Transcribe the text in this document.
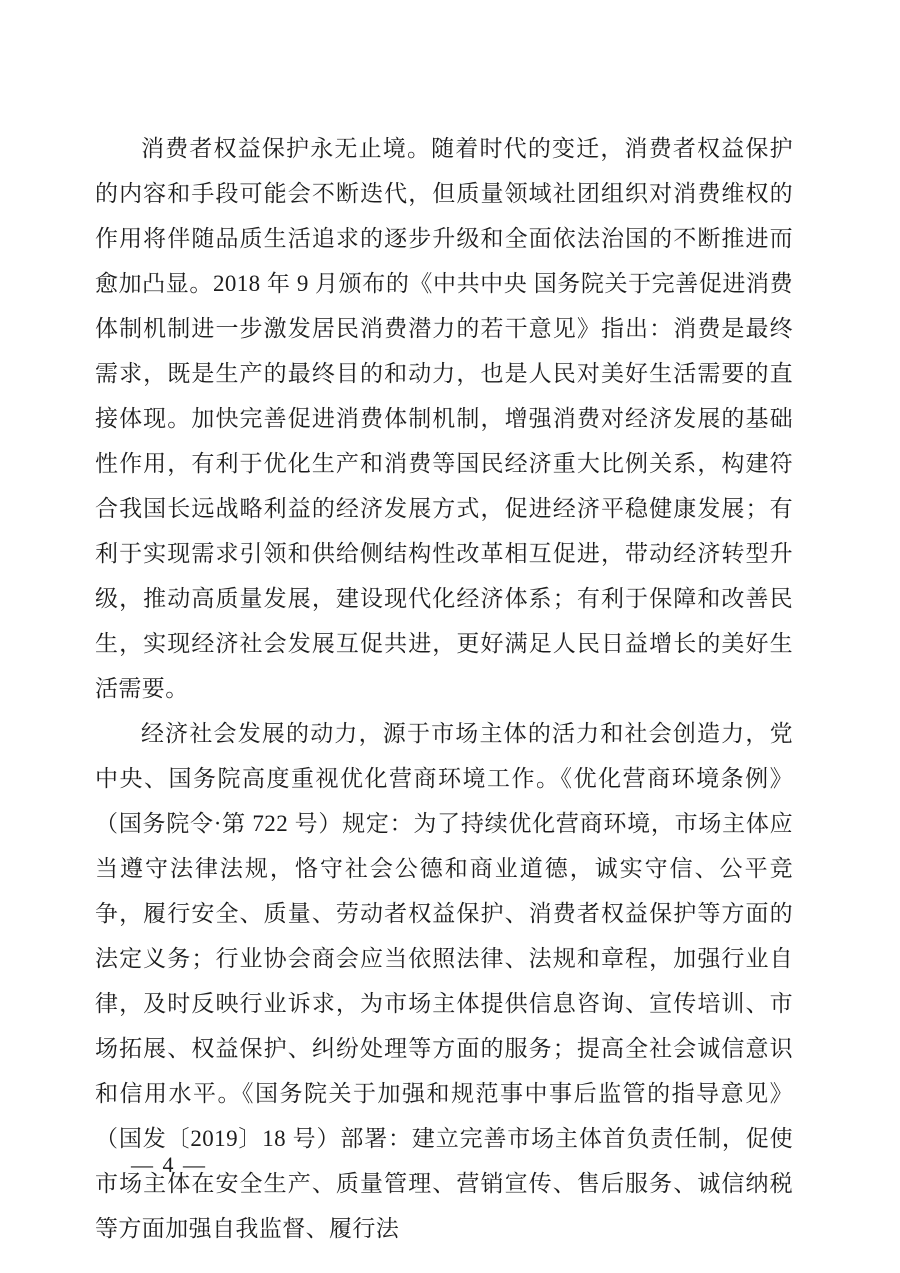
消费者权益保护永无止境。随着时代的变迁，消费者权益保护的内容和手段可能会不断迭代，但质量领域社团组织对消费维权的作用将伴随品质生活追求的逐步升级和全面依法治国的不断推进而愈加凸显。2018 年 9 月颁布的《中共中央 国务院关于完善促进消费体制机制进一步激发居民消费潜力的若干意见》指出：消费是最终需求，既是生产的最终目的和动力，也是人民对美好生活需要的直接体现。加快完善促进消费体制机制，增强消费对经济发展的基础性作用，有利于优化生产和消费等国民经济重大比例关系，构建符合我国长远战略利益的经济发展方式，促进经济平稳健康发展；有利于实现需求引领和供给侧结构性改革相互促进，带动经济转型升级，推动高质量发展，建设现代化经济体系；有利于保障和改善民生，实现经济社会发展互促共进，更好满足人民日益增长的美好生活需要。

经济社会发展的动力，源于市场主体的活力和社会创造力，党中央、国务院高度重视优化营商环境工作。《优化营商环境条例》（国务院令·第 722 号）规定：为了持续优化营商环境，市场主体应当遵守法律法规，恪守社会公德和商业道德，诚实守信、公平竞争，履行安全、质量、劳动者权益保护、消费者权益保护等方面的法定义务；行业协会商会应当依照法律、法规和章程，加强行业自律，及时反映行业诉求，为市场主体提供信息咨询、宣传培训、市场拓展、权益保护、纠纷处理等方面的服务；提高全社会诚信意识和信用水平。《国务院关于加强和规范事中事后监管的指导意见》（国发〔2019〕18 号）部署：建立完善市场主体首负责任制，促使市场主体在安全生产、质量管理、营销宣传、售后服务、诚信纳税等方面加强自我监督、履行法

— 4 —
